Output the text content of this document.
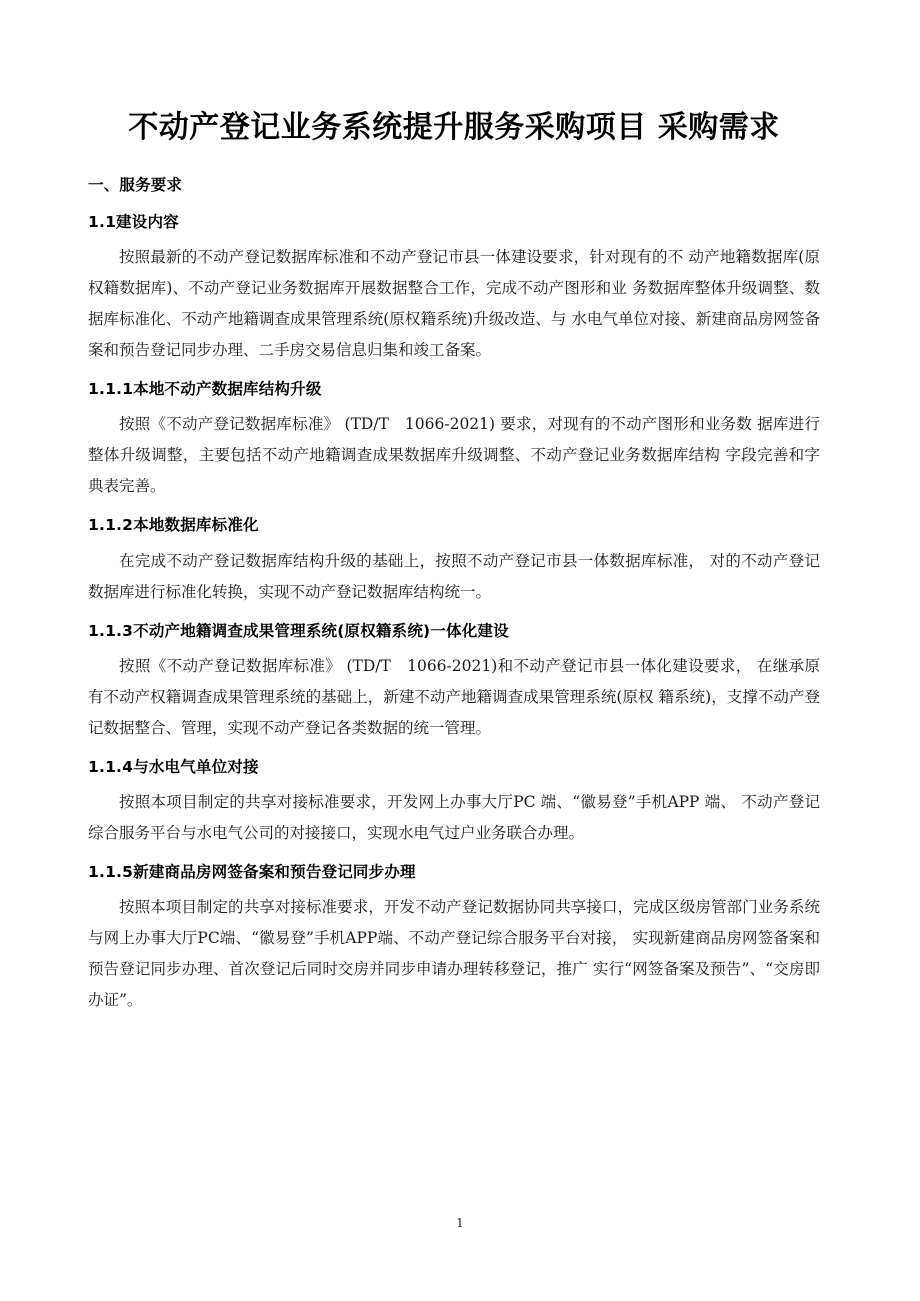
不动产登记业务系统提升服务采购项目 采购需求
一、服务要求
1.1建设内容

按照最新的不动产登记数据库标准和不动产登记市县一体建设要求，针对现有的不 动产地籍数据库(原权籍数据库)、不动产登记业务数据库开展数据整合工作，完成不动产图形和业 务数据库整体升级调整、数据库标准化、不动产地籍调查成果管理系统(原权籍系统)升级改造、与 水电气单位对接、新建商品房网签备案和预告登记同步办理、二手房交易信息归集和竣工备案。

1.1.1本地不动产数据库结构升级

按照《不动产登记数据库标准》 (TD/T　1066-2021) 要求，对现有的不动产图形和业务数 据库进行整体升级调整，主要包括不动产地籍调查成果数据库升级调整、不动产登记业务数据库结构 字段完善和字典表完善。

1.1.2本地数据库标准化

在完成不动产登记数据库结构升级的基础上，按照不动产登记市县一体数据库标准， 对的不动产登记数据库进行标准化转换，实现不动产登记数据库结构统一。

1.1.3不动产地籍调查成果管理系统(原权籍系统)一体化建设

按照《不动产登记数据库标准》 (TD/T　1066-2021)和不动产登记市县一体化建设要求， 在继承原有不动产权籍调查成果管理系统的基础上，新建不动产地籍调查成果管理系统(原权 籍系统)，支撑不动产登记数据整合、管理，实现不动产登记各类数据的统一管理。

1.1.4与水电气单位对接

按照本项目制定的共享对接标准要求，开发网上办事大厅PC 端、“徽易登”手机APP 端、 不动产登记综合服务平台与水电气公司的对接接口，实现水电气过户业务联合办理。

1.1.5新建商品房网签备案和预告登记同步办理

按照本项目制定的共享对接标准要求，开发不动产登记数据协同共享接口，完成区级房管部门业务系统与网上办事大厅PC端、“徽易登”手机APP端、不动产登记综合服务平台对接， 实现新建商品房网签备案和预告登记同步办理、首次登记后同时交房并同步申请办理转移登记，推广 实行“网签备案及预告”、“交房即办证”。

1
